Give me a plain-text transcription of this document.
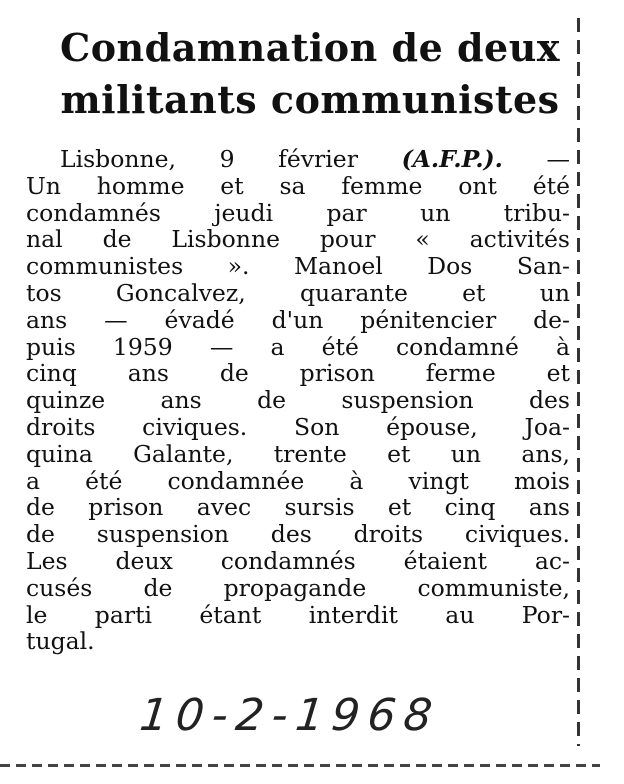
Condamnation de deux
militants communistes
Lisbonne, 9 février (A.F.P.). —
Un homme et sa femme ont été
condamnés jeudi par un tribu-
nal de Lisbonne pour « activités
communistes ». Manoel Dos San-
tos Goncalvez, quarante et un
ans — évadé d'un pénitencier de-
puis 1959 — a été condamné à
cinq ans de prison ferme et
quinze ans de suspension des
droits civiques. Son épouse, Joa-
quina Galante, trente et un ans,
a été condamnée à vingt mois
de prison avec sursis et cinq ans
de suspension des droits civiques.
Les deux condamnés étaient ac-
cusés de propagande communiste,
le parti étant interdit au Por-
tugal.
10-2-1968
